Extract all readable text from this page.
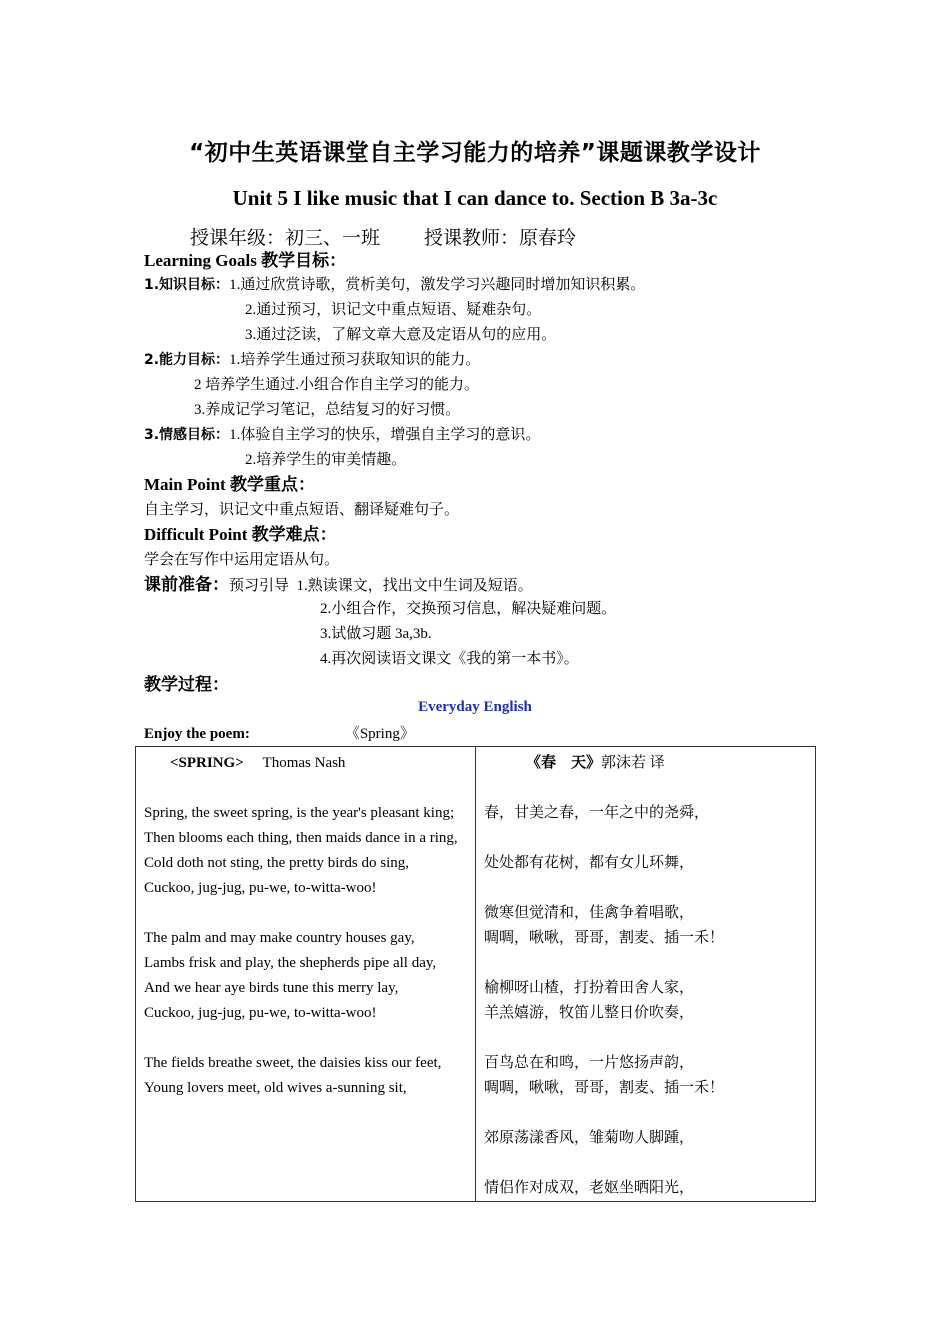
“初中生英语课堂自主学习能力的培养”课题课教学设计
Unit 5 I like music that I can dance to. Section B 3a-3c
授课年级：初三、一班 授课教师：原春玲
Learning Goals 教学目标：
1.知识目标：1.通过欣赏诗歌，赏析美句，激发学习兴趣同时增加知识积累。
2.通过预习，识记文中重点短语、疑难杂句。
3.通过泛读，了解文章大意及定语从句的应用。
2.能力目标：1.培养学生通过预习获取知识的能力。
2 培养学生通过.小组合作自主学习的能力。
3.养成记学习笔记，总结复习的好习惯。
3.情感目标：1.体验自主学习的快乐，增强自主学习的意识。
2.培养学生的审美情趣。
Main Point 教学重点：
自主学习，识记文中重点短语、翻译疑难句子。
Difficult Point 教学难点：
学会在写作中运用定语从句。
课前准备：预习引导 1.熟读课文，找出文中生词及短语。
2.小组合作，交换预习信息，解决疑难问题。
3.试做习题 3a,3b.
4.再次阅读语文课文《我的第一本书》。
教学过程：
Everyday English
Enjoy the poem:	《Spring》
<SPRING> Thomas Nash
Spring, the sweet spring, is the year's pleasant king;
Then blooms each thing, then maids dance in a ring,
Cold doth not sting, the pretty birds do sing,
Cuckoo, jug-jug, pu-we, to-witta-woo!
The palm and may make country houses gay,
Lambs frisk and play, the shepherds pipe all day,
And we hear aye birds tune this merry lay,
Cuckoo, jug-jug, pu-we, to-witta-woo!
The fields breathe sweet, the daisies kiss our feet,
Young lovers meet, old wives a-sunning sit,

《春　天》郭沫若 译
春，甘美之春，一年之中的尧舜，
处处都有花树，都有女儿环舞，
微寒但觉清和，佳禽争着唱歌，
啁啁，啾啾，哥哥，割麦、插一禾！
榆柳呀山楂，打扮着田舍人家，
羊羔嬉游，牧笛儿整日价吹奏，
百鸟总在和鸣，一片悠扬声韵，
啁啁，啾啾，哥哥，割麦、插一禾！
郊原荡漾香风，雏菊吻人脚踵，
情侣作对成双，老妪坐晒阳光，
